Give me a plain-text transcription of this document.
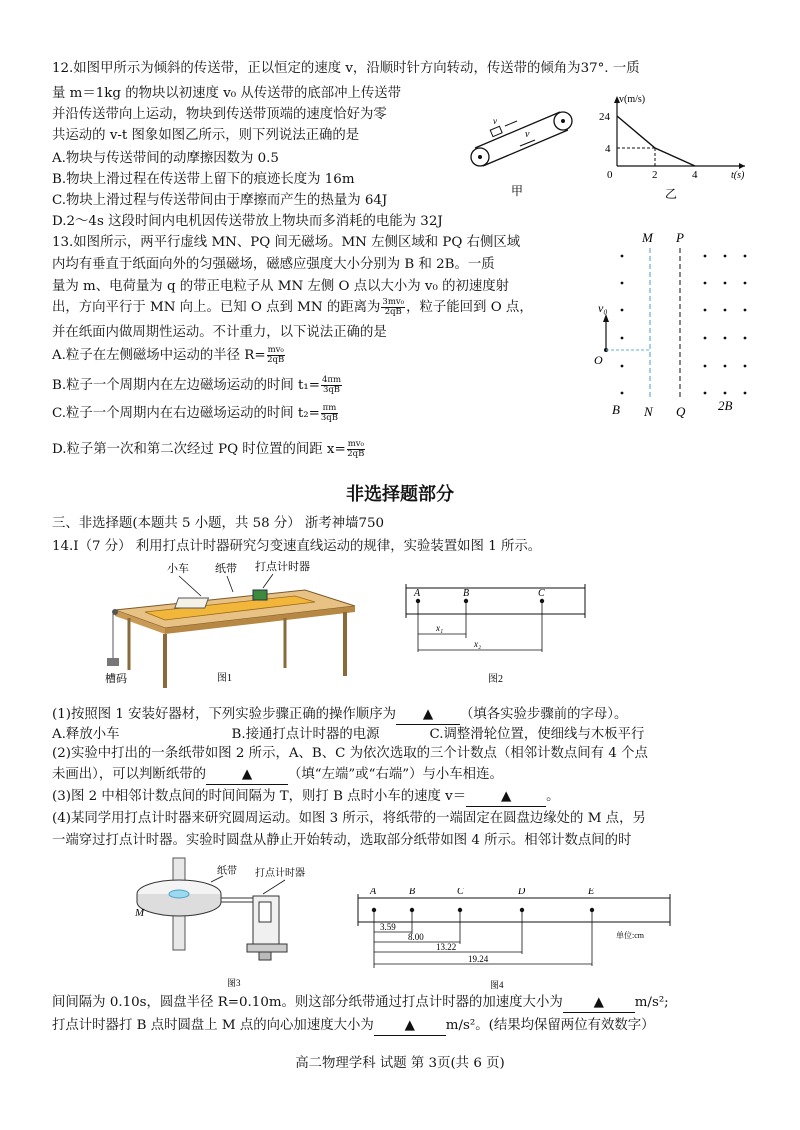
12.如图甲所示为倾斜的传送带，正以恒定的速度 v，沿顺时针方向转动，传送带的倾角为37°. 一质
量 m＝1kg 的物块以初速度 v₀ 从传送带的底部冲上传送带
并沿传送带向上运动，物块到传送带顶端的速度恰好为零
共运动的 v-t 图象如图乙所示，则下列说法正确的是
A.物块与传送带间的动摩擦因数为 0.5
B.物块上滑过程在传送带上留下的痕迹长度为 16m
C.物块上滑过程与传送带间由于摩擦而产生的热量为 64J
D.2～4s 这段时间内电机因传送带放上物块而多消耗的电能为 32J
v
v
甲
v(m/s)
24
4
0	2	4	t(s)
乙
13.如图所示，两平行虚线 MN、PQ 间无磁场。MN 左侧区域和 PQ 右侧区域
内均有垂直于纸面向外的匀强磁场，磁感应强度大小分别为 B 和 2B。一质
量为 m、电荷量为 q 的带正电粒子从 MN 左侧 O 点以大小为 v₀ 的初速度射
出，方向平行于 MN 向上。已知 O 点到 MN 的距离为 $\frac{\text{3mv₀}}{2qB}$ ，粒子能回到 O 点，
并在纸面内做周期性运动。不计重力，以下说法正确的是
A.粒子在左侧磁场中运动的半径 $R= \frac{\text{mv₀}}{2qB}$
B.粒子一个周期内在左边磁场运动的时间 $t_1= \frac{4\pi m}{3qB}$
C.粒子一个周期内在右边磁场运动的时间 $t_2= \frac{\pi m}{3qB}$
D.粒子第一次和第二次经过 PQ 时位置的间距 $x= \frac{\text{mv₀}}{2qB}$
M P
N Q
B	2B
O
v₀
非选择题部分
三、非选择题(本题共 5 小题，共 58 分） 浙考神墙750
14.Ⅰ（7 分） 利用打点计时器研究匀变速直线运动的规律，实验装置如图 1 所示。
小车 纸带 打点计时器
槽码	图1
A	B	C
x₁
x₂
图2
(1)按照图 1 安装好器材，下列实验步骤正确的操作顺序为 ▲ （填各实验步骤前的字母）。
A.释放小车	B.接通打点计时器的电源	C.调整滑轮位置，使细线与木板平行
(2)实验中打出的一条纸带如图 2 所示，A、B、C 为依次选取的三个计数点（相邻计数点间有 4 个点
未画出），可以判断纸带的	▲	（填“左端”或“右端”）与小车相连。
(3)图 2 中相邻计数点间的时间间隔为 T，则打 B 点时小车的速度 v＝	▲	。
(4)某同学用打点计时器来研究圆周运动。如图 3 所示，将纸带的一端固定在圆盘边缘处的 M 点，另
一端穿过打点计时器。实验时圆盘从静止开始转动，选取部分纸带如图 4 所示。相邻计数点间的时
纸带 打点计时器
M
图3
A	B	C	D	E
3.59
8.00
13.22
19.24
单位:cm
图4
间间隔为 0.10s，圆盘半径 R=0.10m。则这部分纸带通过打点计时器的加速度大小为 ▲ m/s²;
打点计时器打 B 点时圆盘上 M 点的向心加速度大小为 ▲ m/s²。(结果均保留两位有效数字）
高二物理学科 试题 第 3页(共 6 页)
